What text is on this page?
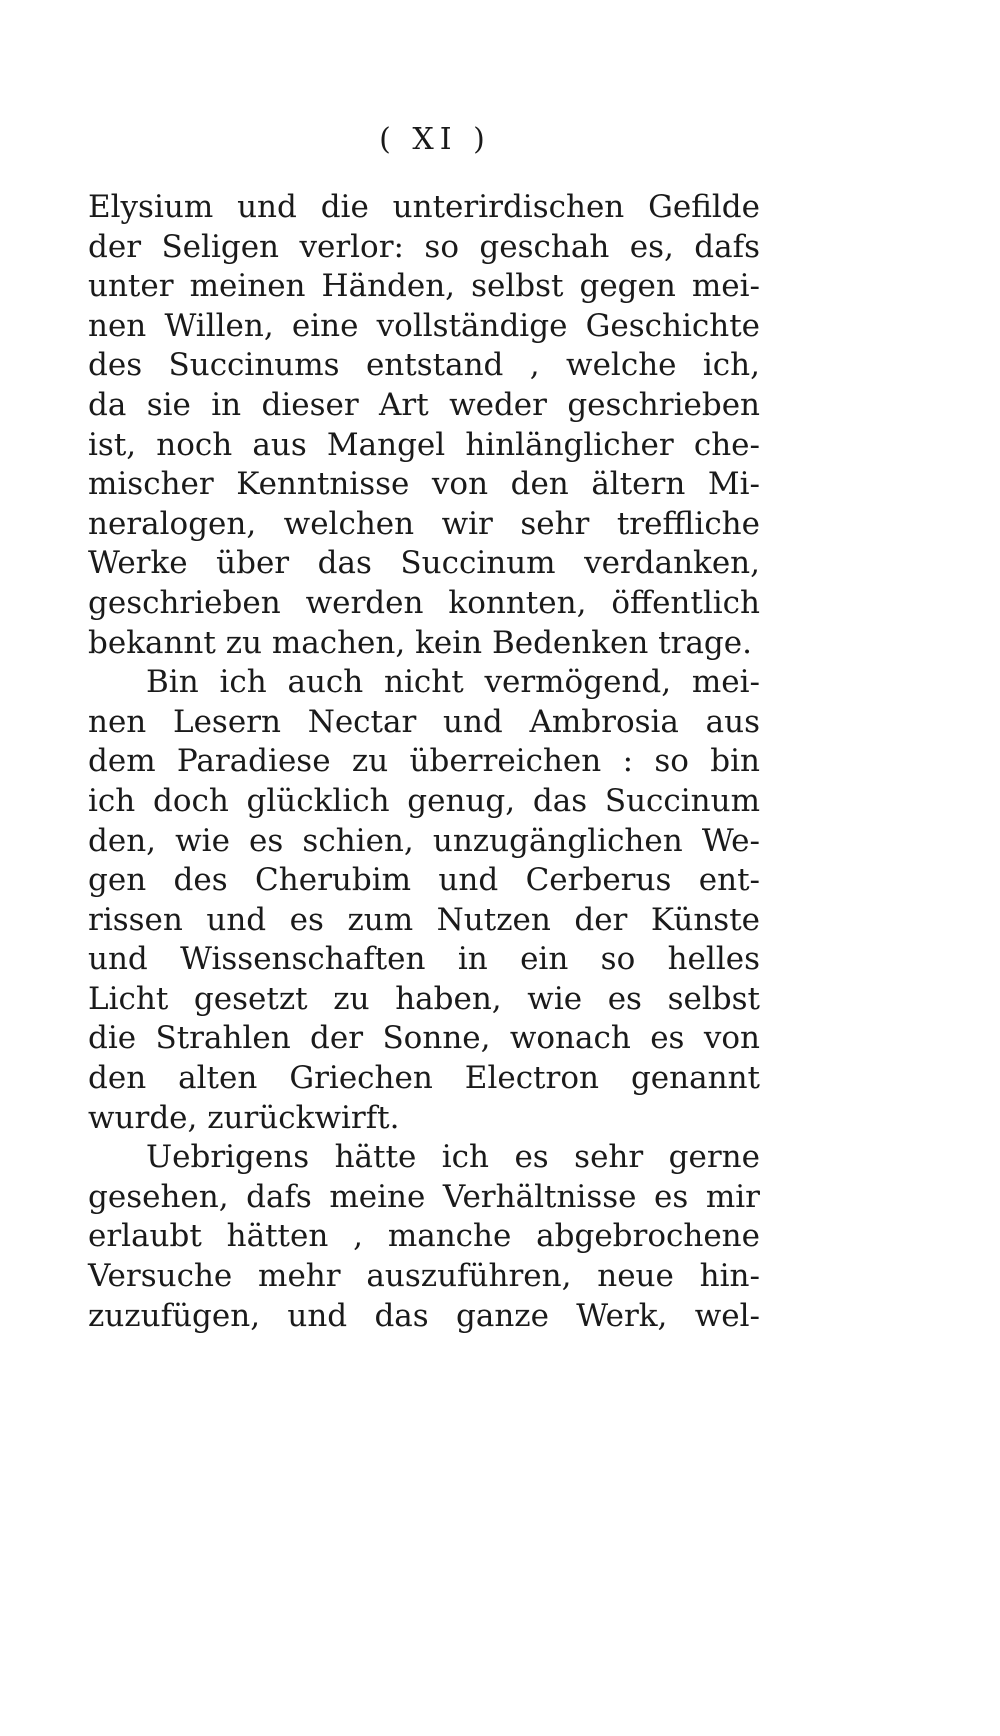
( XI )
Elysium und die unterirdischen Gefilde
der Seligen verlor: so geschah es, dafs
unter meinen Händen, selbst gegen mei-
nen Willen, eine vollständige Geschichte
des Succinums entstand , welche ich,
da sie in dieser Art weder geschrieben
ist, noch aus Mangel hinlänglicher che-
mischer Kenntnisse von den ältern Mi-
neralogen, welchen wir sehr treffliche
Werke über das Succinum verdanken,
geschrieben werden konnten, öffentlich
bekannt zu machen, kein Bedenken trage.
Bin ich auch nicht vermögend, mei-
nen Lesern Nectar und Ambrosia aus
dem Paradiese zu überreichen : so bin
ich doch glücklich genug, das Succinum
den, wie es schien, unzugänglichen We-
gen des Cherubim und Cerberus ent-
rissen und es zum Nutzen der Künste
und Wissenschaften in ein so helles
Licht gesetzt zu haben, wie es selbst
die Strahlen der Sonne, wonach es von
den alten Griechen Electron genannt
wurde, zurückwirft.
Uebrigens hätte ich es sehr gerne
gesehen, dafs meine Verhältnisse es mir
erlaubt hätten , manche abgebrochene
Versuche mehr auszuführen, neue hin-
zuzufügen, und das ganze Werk, wel-
